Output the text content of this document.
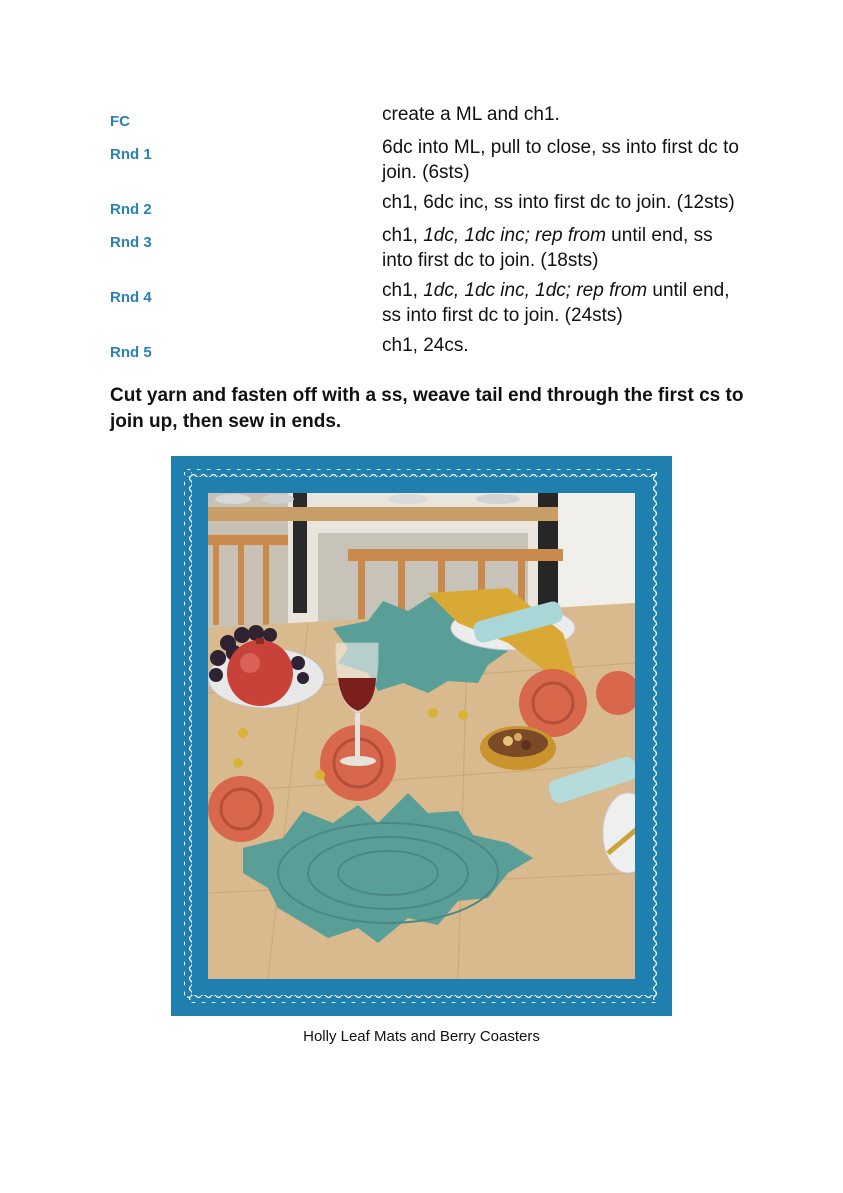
FC	create a ML and ch1.
Rnd 1	6dc into ML, pull to close, ss into first dc to join. (6sts)
Rnd 2	ch1, 6dc inc, ss into first dc to join. (12sts)
Rnd 3	ch1, 1dc, 1dc inc; rep from until end, ss into first dc to join. (18sts)
Rnd 4	ch1, 1dc, 1dc inc, 1dc; rep from until end, ss into first dc to join. (24sts)
Rnd 5	ch1, 24cs.
Cut yarn and fasten off with a ss, weave tail end through the first cs to join up, then sew in ends.
Holly Leaf Mats and Berry Coasters
